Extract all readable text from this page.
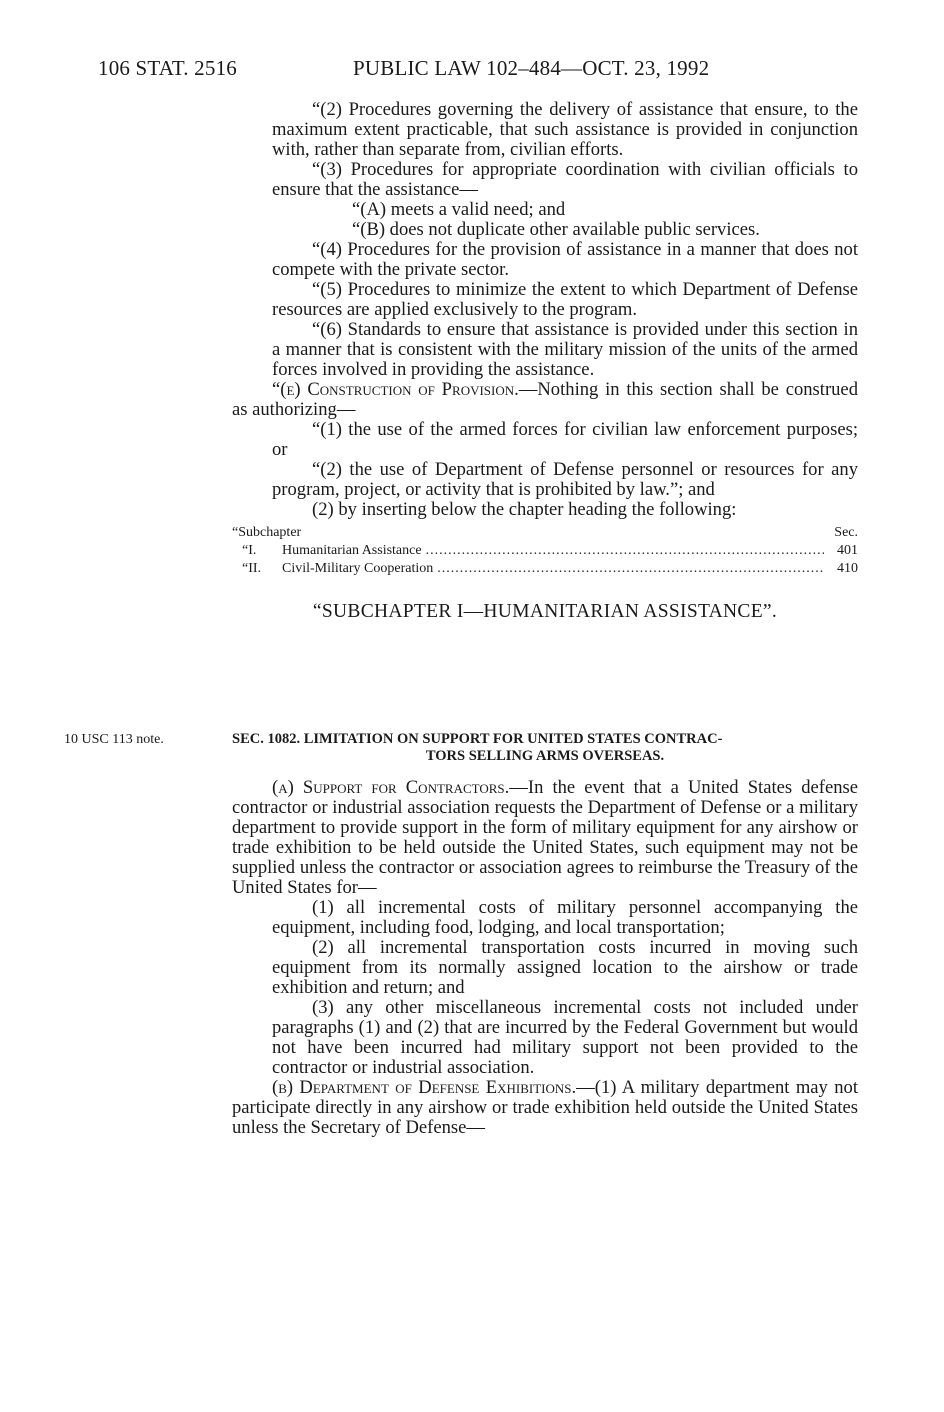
106 STAT. 2516	PUBLIC LAW 102–484—OCT. 23, 1992

“(2) Procedures governing the delivery of assistance that ensure, to the maximum extent practicable, that such assistance is provided in conjunction with, rather than separate from, civilian efforts.

“(3) Procedures for appropriate coordination with civilian officials to ensure that the assistance—

“(A) meets a valid need; and

“(B) does not duplicate other available public services.

“(4) Procedures for the provision of assistance in a manner that does not compete with the private sector.

“(5) Procedures to minimize the extent to which Department of Defense resources are applied exclusively to the program.

“(6) Standards to ensure that assistance is provided under this section in a manner that is consistent with the military mission of the units of the armed forces involved in providing the assistance.

“(e) Construction of Provision.—Nothing in this section shall be construed as authorizing—

“(1) the use of the armed forces for civilian law enforcement purposes; or

“(2) the use of Department of Defense personnel or resources for any program, project, or activity that is prohibited by law.”; and

(2) by inserting below the chapter heading the following:

“Subchapter	Sec.
“I.	Humanitarian Assistance .....	401
“II.	Civil-Military Cooperation .....	410
“SUBCHAPTER I—HUMANITARIAN ASSISTANCE”.
10 USC 113 note.	SEC. 1082. LIMITATION ON SUPPORT FOR UNITED STATES CONTRAC-
TORS SELLING ARMS OVERSEAS.

(a) Support for Contractors.—In the event that a United States defense contractor or industrial association requests the Department of Defense or a military department to provide support in the form of military equipment for any airshow or trade exhibition to be held outside the United States, such equipment may not be supplied unless the contractor or association agrees to reimburse the Treasury of the United States for—

(1) all incremental costs of military personnel accompanying the equipment, including food, lodging, and local transportation;

(2) all incremental transportation costs incurred in moving such equipment from its normally assigned location to the airshow or trade exhibition and return; and

(3) any other miscellaneous incremental costs not included under paragraphs (1) and (2) that are incurred by the Federal Government but would not have been incurred had military support not been provided to the contractor or industrial association.

(b) Department of Defense Exhibitions.—(1) A military department may not participate directly in any airshow or trade exhibition held outside the United States unless the Secretary of Defense—
